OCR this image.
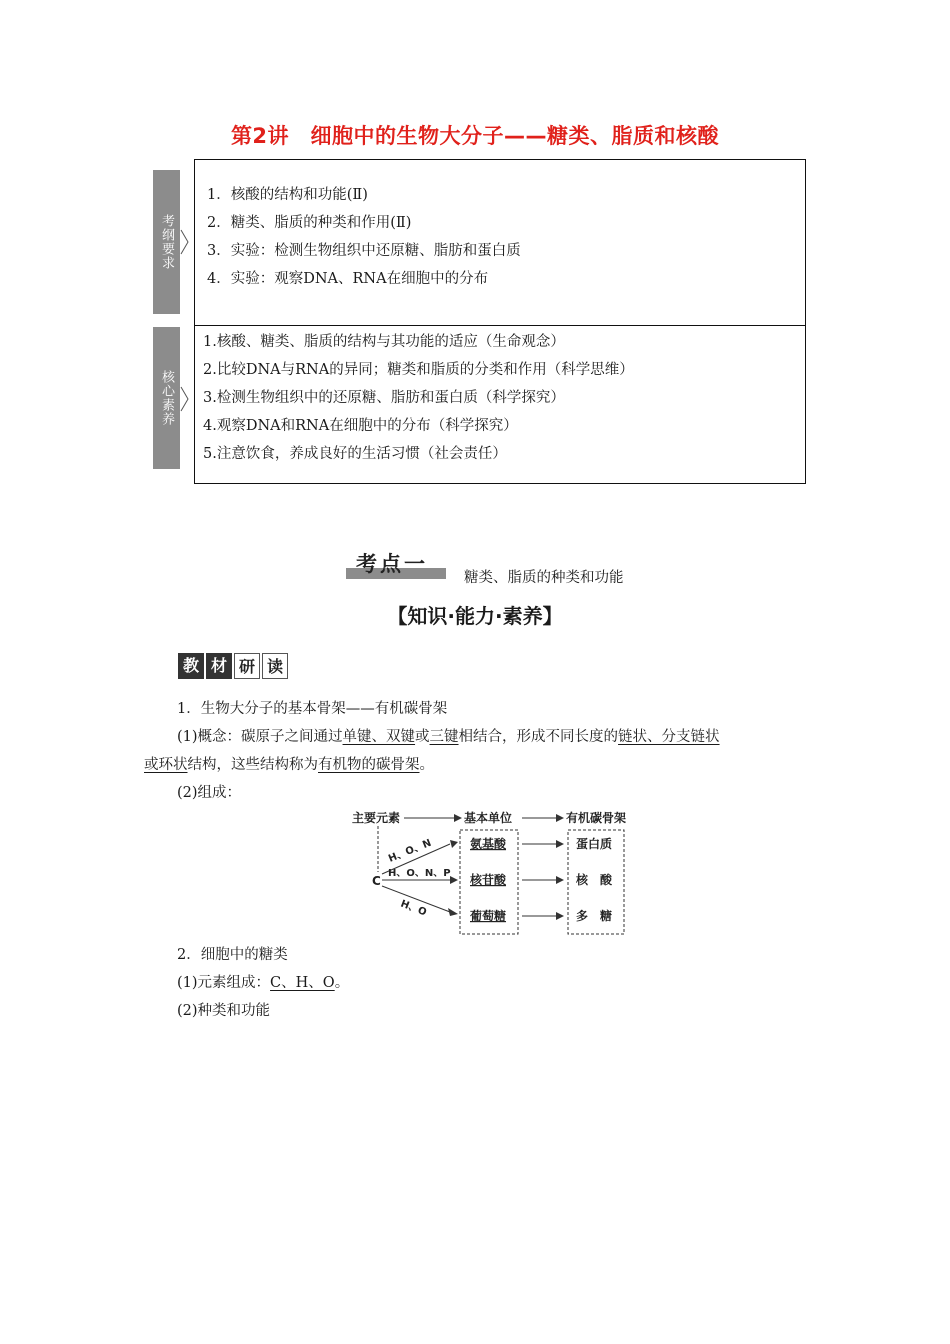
第2讲　细胞中的生物大分子——糖类、脂质和核酸
考纲要求
1．核酸的结构和功能(Ⅱ)
2．糖类、脂质的种类和作用(Ⅱ)
3．实验：检测生物组织中还原糖、脂肪和蛋白质
4．实验：观察DNA、RNA在细胞中的分布
核心素养
1.核酸、糖类、脂质的结构与其功能的适应（生命观念）
2.比较DNA与RNA的异同；糖类和脂质的分类和作用（科学思维）
3.检测生物组织中的还原糖、脂肪和蛋白质（科学探究）
4.观察DNA和RNA在细胞中的分布（科学探究）
5.注意饮食，养成良好的生活习惯（社会责任）
考点一
糖类、脂质的种类和功能
【知识·能力·素养】
教 材 研 读
1．生物大分子的基本骨架——有机碳骨架
(1)概念：碳原子之间通过单键、双键或三键相结合，形成不同长度的链状、分支链状
或环状结构，这些结构称为有机物的碳骨架。
(2)组成：
主要元素	基本单位	有机碳骨架
C
H、O、N
H、O、N、P
H、O
氨基酸
核苷酸
葡萄糖
蛋白质
核　酸
多　糖
2．细胞中的糖类
(1)元素组成：C、H、O。
(2)种类和功能
